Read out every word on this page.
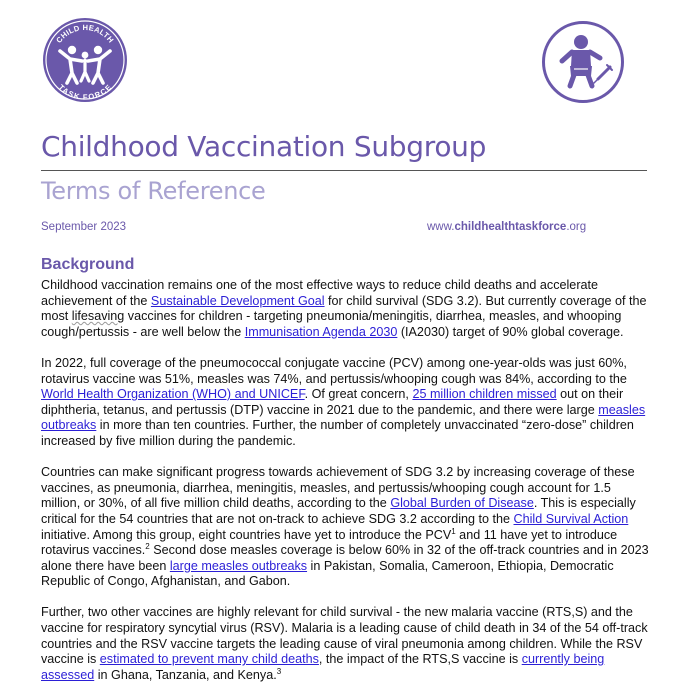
CHILD HEALTH
TASK FORCE
Childhood Vaccination Subgroup
Terms of Reference
September 2023	www.childhealthtaskforce.org
Background

Childhood vaccination remains one of the most effective ways to reduce child deaths and accelerate achievement of the Sustainable Development Goal for child survival (SDG 3.2). But currently coverage of the most lifesaving vaccines for children - targeting pneumonia/meningitis, diarrhea, measles, and whooping cough/pertussis - are well below the Immunisation Agenda 2030 (IA2030) target of 90% global coverage.

In 2022, full coverage of the pneumococcal conjugate vaccine (PCV) among one-year-olds was just 60%, rotavirus vaccine was 51%, measles was 74%, and pertussis/whooping cough was 84%, according to the World Health Organization (WHO) and UNICEF. Of great concern, 25 million children missed out on their diphtheria, tetanus, and pertussis (DTP) vaccine in 2021 due to the pandemic, and there were large measles outbreaks in more than ten countries. Further, the number of completely unvaccinated “zero-dose” children increased by five million during the pandemic.

Countries can make significant progress towards achievement of SDG 3.2 by increasing coverage of these vaccines, as pneumonia, diarrhea, meningitis, measles, and pertussis/whooping cough account for 1.5 million, or 30%, of all five million child deaths, according to the Global Burden of Disease. This is especially critical for the 54 countries that are not on-track to achieve SDG 3.2 according to the Child Survival Action initiative. Among this group, eight countries have yet to introduce the PCV$^1$ and 11 have yet to introduce rotavirus vaccines.$^2$ Second dose measles coverage is below 60% in 32 of the off-track countries and in 2023 alone there have been large measles outbreaks in Pakistan, Somalia, Cameroon, Ethiopia, Democratic Republic of Congo, Afghanistan, and Gabon.

Further, two other vaccines are highly relevant for child survival - the new malaria vaccine (RTS,S) and the vaccine for respiratory syncytial virus (RSV). Malaria is a leading cause of child death in 34 of the 54 off-track countries and the RSV vaccine targets the leading cause of viral pneumonia among children. While the RSV vaccine is estimated to prevent many child deaths, the impact of the RTS,S vaccine is currently being assessed in Ghana, Tanzania, and Kenya.$^3$
